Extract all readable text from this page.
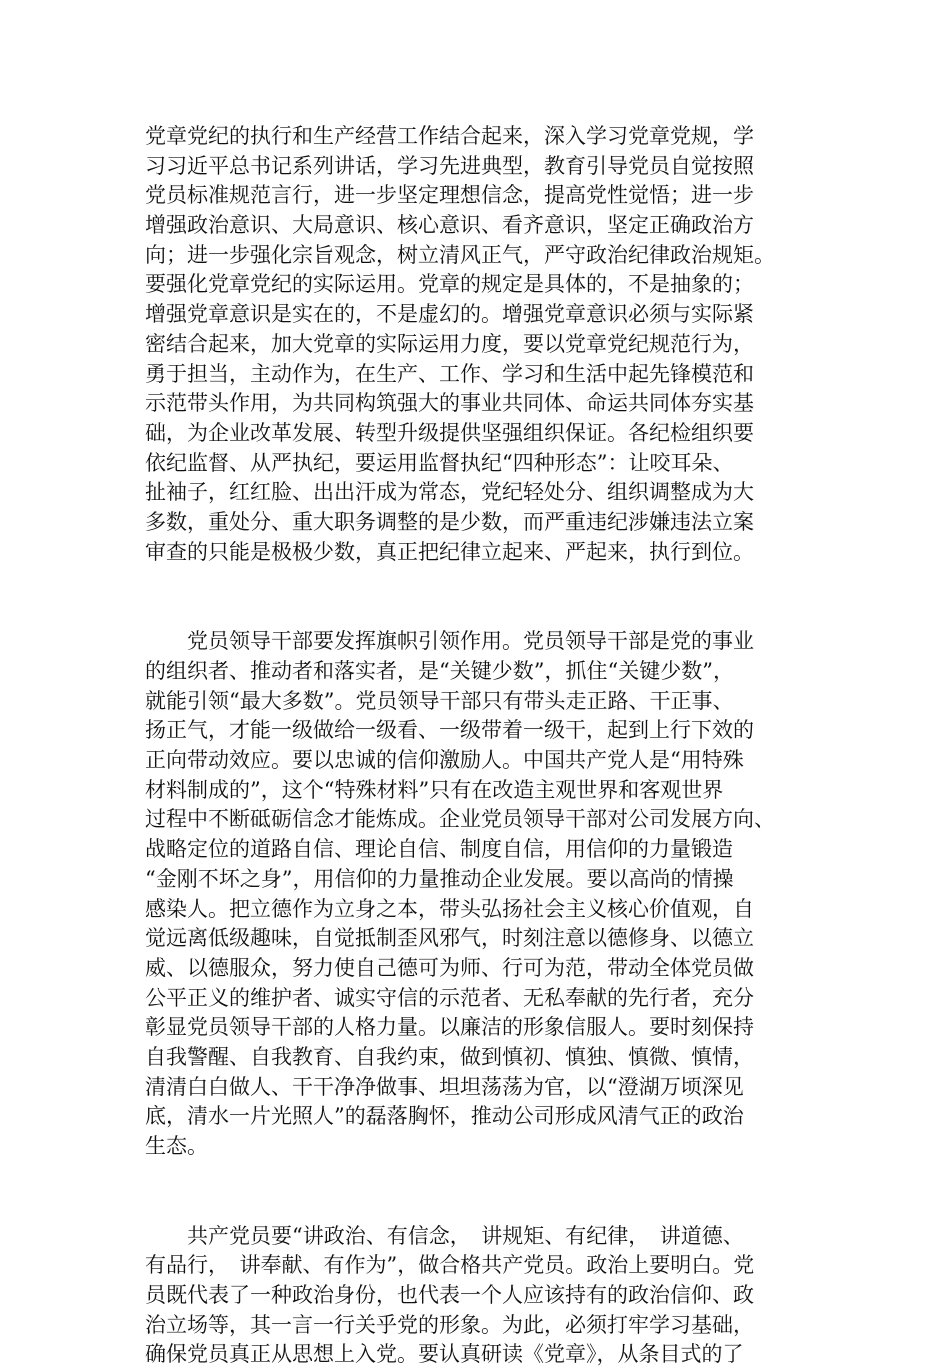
党章党纪的执行和生产经营工作结合起来，深入学习党章党规，学
习习近平总书记系列讲话，学习先进典型，教育引导党员自觉按照
党员标准规范言行，进一步坚定理想信念，提高党性觉悟；进一步
增强政治意识、大局意识、核心意识、看齐意识，坚定正确政治方
向；进一步强化宗旨观念，树立清风正气，严守政治纪律政治规矩。
要强化党章党纪的实际运用。党章的规定是具体的，不是抽象的；
增强党章意识是实在的，不是虚幻的。增强党章意识必须与实际紧
密结合起来，加大党章的实际运用力度，要以党章党纪规范行为，
勇于担当，主动作为，在生产、工作、学习和生活中起先锋模范和
示范带头作用，为共同构筑强大的事业共同体、命运共同体夯实基
础，为企业改革发展、转型升级提供坚强组织保证。各纪检组织要
依纪监督、从严执纪，要运用监督执纪“四种形态”：让咬耳朵、
扯袖子，红红脸、出出汗成为常态，党纪轻处分、组织调整成为大
多数，重处分、重大职务调整的是少数，而严重违纪涉嫌违法立案
审查的只能是极极少数，真正把纪律立起来、严起来，执行到位。
　　党员领导干部要发挥旗帜引领作用。党员领导干部是党的事业
的组织者、推动者和落实者，是“关键少数”，抓住“关键少数”，
就能引领“最大多数”。党员领导干部只有带头走正路、干正事、
扬正气，才能一级做给一级看、一级带着一级干，起到上行下效的
正向带动效应。要以忠诚的信仰激励人。中国共产党人是“用特殊
材料制成的”，这个“特殊材料”只有在改造主观世界和客观世界
过程中不断砥砺信念才能炼成。企业党员领导干部对公司发展方向、
战略定位的道路自信、理论自信、制度自信，用信仰的力量锻造
“金刚不坏之身”，用信仰的力量推动企业发展。要以高尚的情操
感染人。把立德作为立身之本，带头弘扬社会主义核心价值观，自
觉远离低级趣味，自觉抵制歪风邪气，时刻注意以德修身、以德立
威、以德服众，努力使自己德可为师、行可为范，带动全体党员做
公平正义的维护者、诚实守信的示范者、无私奉献的先行者，充分
彰显党员领导干部的人格力量。以廉洁的形象信服人。要时刻保持
自我警醒、自我教育、自我约束，做到慎初、慎独、慎微、慎情，
清清白白做人、干干净净做事、坦坦荡荡为官，以“澄湖万顷深见
底，清水一片光照人”的磊落胸怀，推动公司形成风清气正的政治
生态。
　　共产党员要“讲政治、有信念，　讲规矩、有纪律，　讲道德、
有品行，　讲奉献、有作为”，做合格共产党员。政治上要明白。党
员既代表了一种政治身份，也代表一个人应该持有的政治信仰、政
治立场等，其一言一行关乎党的形象。为此，必须打牢学习基础，
确保党员真正从思想上入党。要认真研读《党章》，从条目式的了
